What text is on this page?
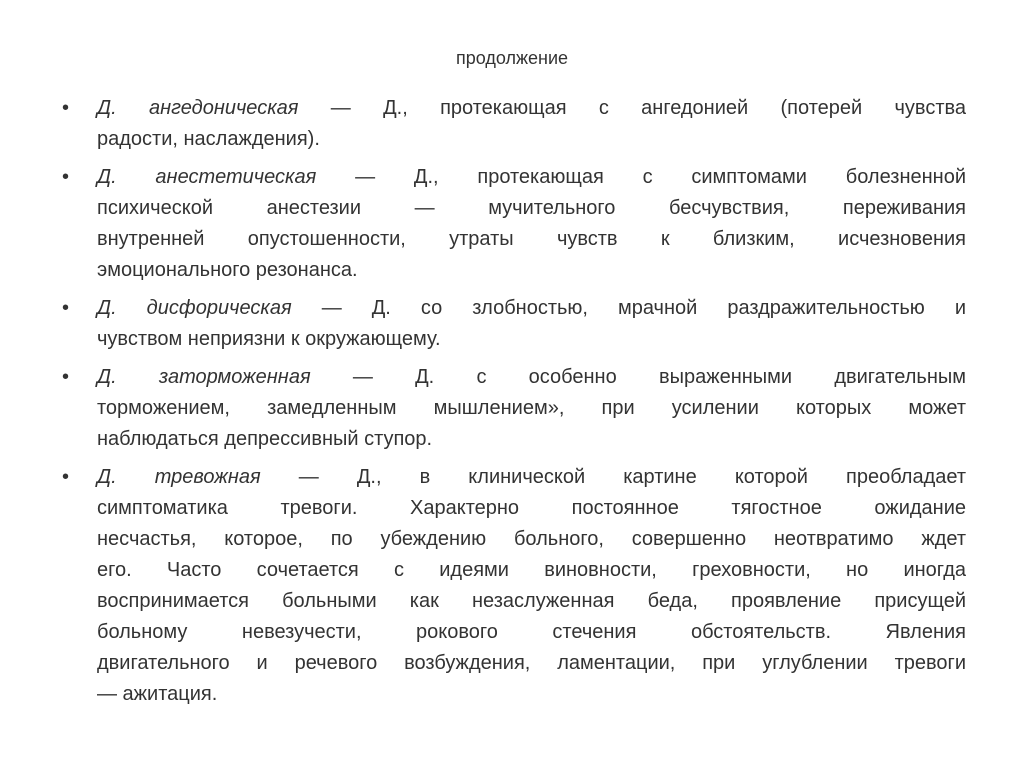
продолжение
• Д. ангедоническая — Д., протекающая с ангедонией (потерей чувства
радости, наслаждения).
• Д. анестетическая — Д., протекающая с симптомами болезненной
психической анестезии — мучительного бесчувствия, переживания
внутренней опустошенности, утраты чувств к близким, исчезновения
эмоционального резонанса.
• Д. дисфорическая — Д. со злобностью, мрачной раздражительностью и
чувством неприязни к окружающему.
• Д. заторможенная — Д. с особенно выраженными двигательным
торможением, замедленным мышлением», при усилении которых может
наблюдаться депрессивный ступор.
• Д. тревожная — Д., в клинической картине которой преобладает
симптоматика тревоги. Характерно постоянное тягостное ожидание
несчастья, которое, по убеждению больного, совершенно неотвратимо ждет
его. Часто сочетается с идеями виновности, греховности, но иногда
воспринимается больными как незаслуженная беда, проявление присущей
больному невезучести, рокового стечения обстоятельств. Явления
двигательного и речевого возбуждения, ламентации, при углублении тревоги
— ажитация.
